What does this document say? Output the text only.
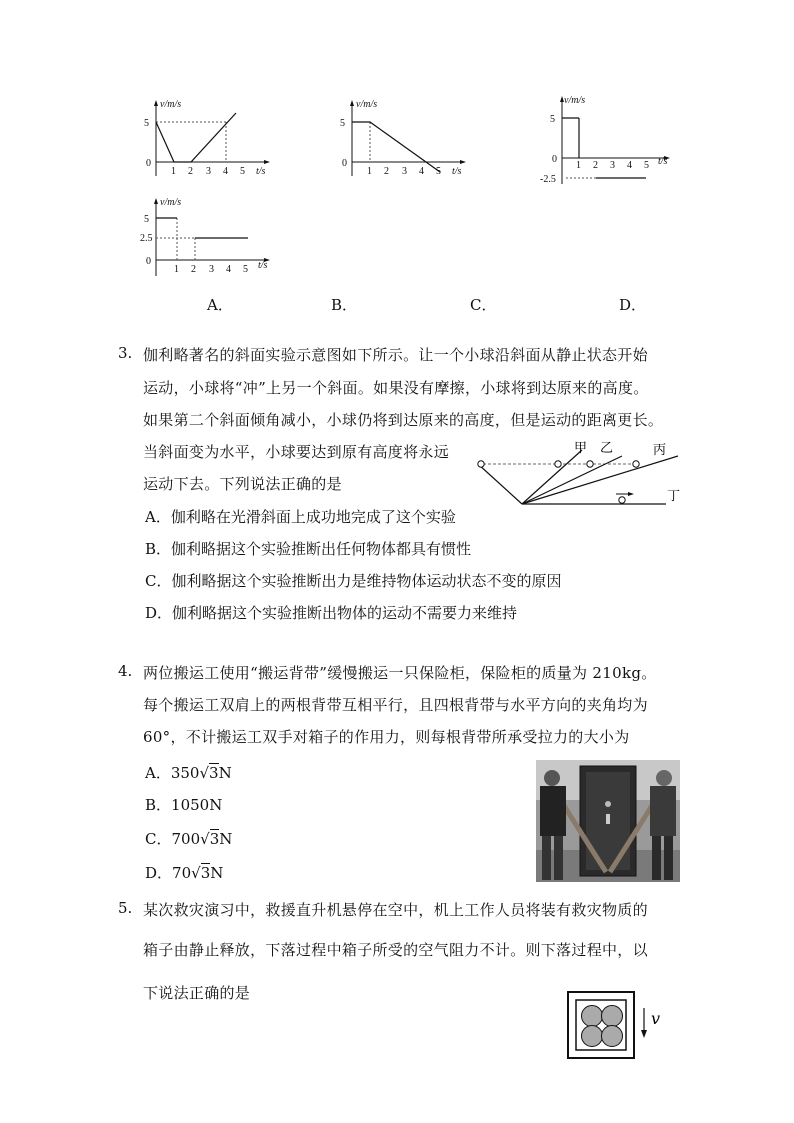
v/m/s
t/s
5
0
1 2 3 4 5
v/m/s
t/s
5
0
1 2 3 4 5
v/m/s
t/s
5
0
-2.5
1 2 3 4 5
v/m/s
t/s
5
2.5
0
1 2 3 4 5
A．	B．	C．	D．
3. 伽利略著名的斜面实验示意图如下所示。让一个小球沿斜面从静止状态开始
运动，小球将“冲”上另一个斜面。如果没有摩擦，小球将到达原来的高度。
如果第二个斜面倾角减小，小球仍将到达原来的高度，但是运动的距离更长。
当斜面变为水平，小球要达到原有高度将永远
运动下去。下列说法正确的是
甲 乙	丙
丁
A．伽利略在光滑斜面上成功地完成了这个实验
B．伽利略据这个实验推断出任何物体都具有惯性
C．伽利略据这个实验推断出力是维持物体运动状态不变的原因
D．伽利略据这个实验推断出物体的运动不需要力来维持
4. 两位搬运工使用“搬运背带”缓慢搬运一只保险柜，保险柜的质量为 210kg。
每个搬运工双肩上的两根背带互相平行，且四根背带与水平方向的夹角均为
60°，不计搬运工双手对箱子的作用力，则每根背带所承受拉力的大小为
A．350√3N
B．1050N
C．700√3N
D．70√3N
5. 某次救灾演习中，救援直升机悬停在空中，机上工作人员将装有救灾物质的
箱子由静止释放，下落过程中箱子所受的空气阻力不计。则下落过程中，以
下说法正确的是
v
